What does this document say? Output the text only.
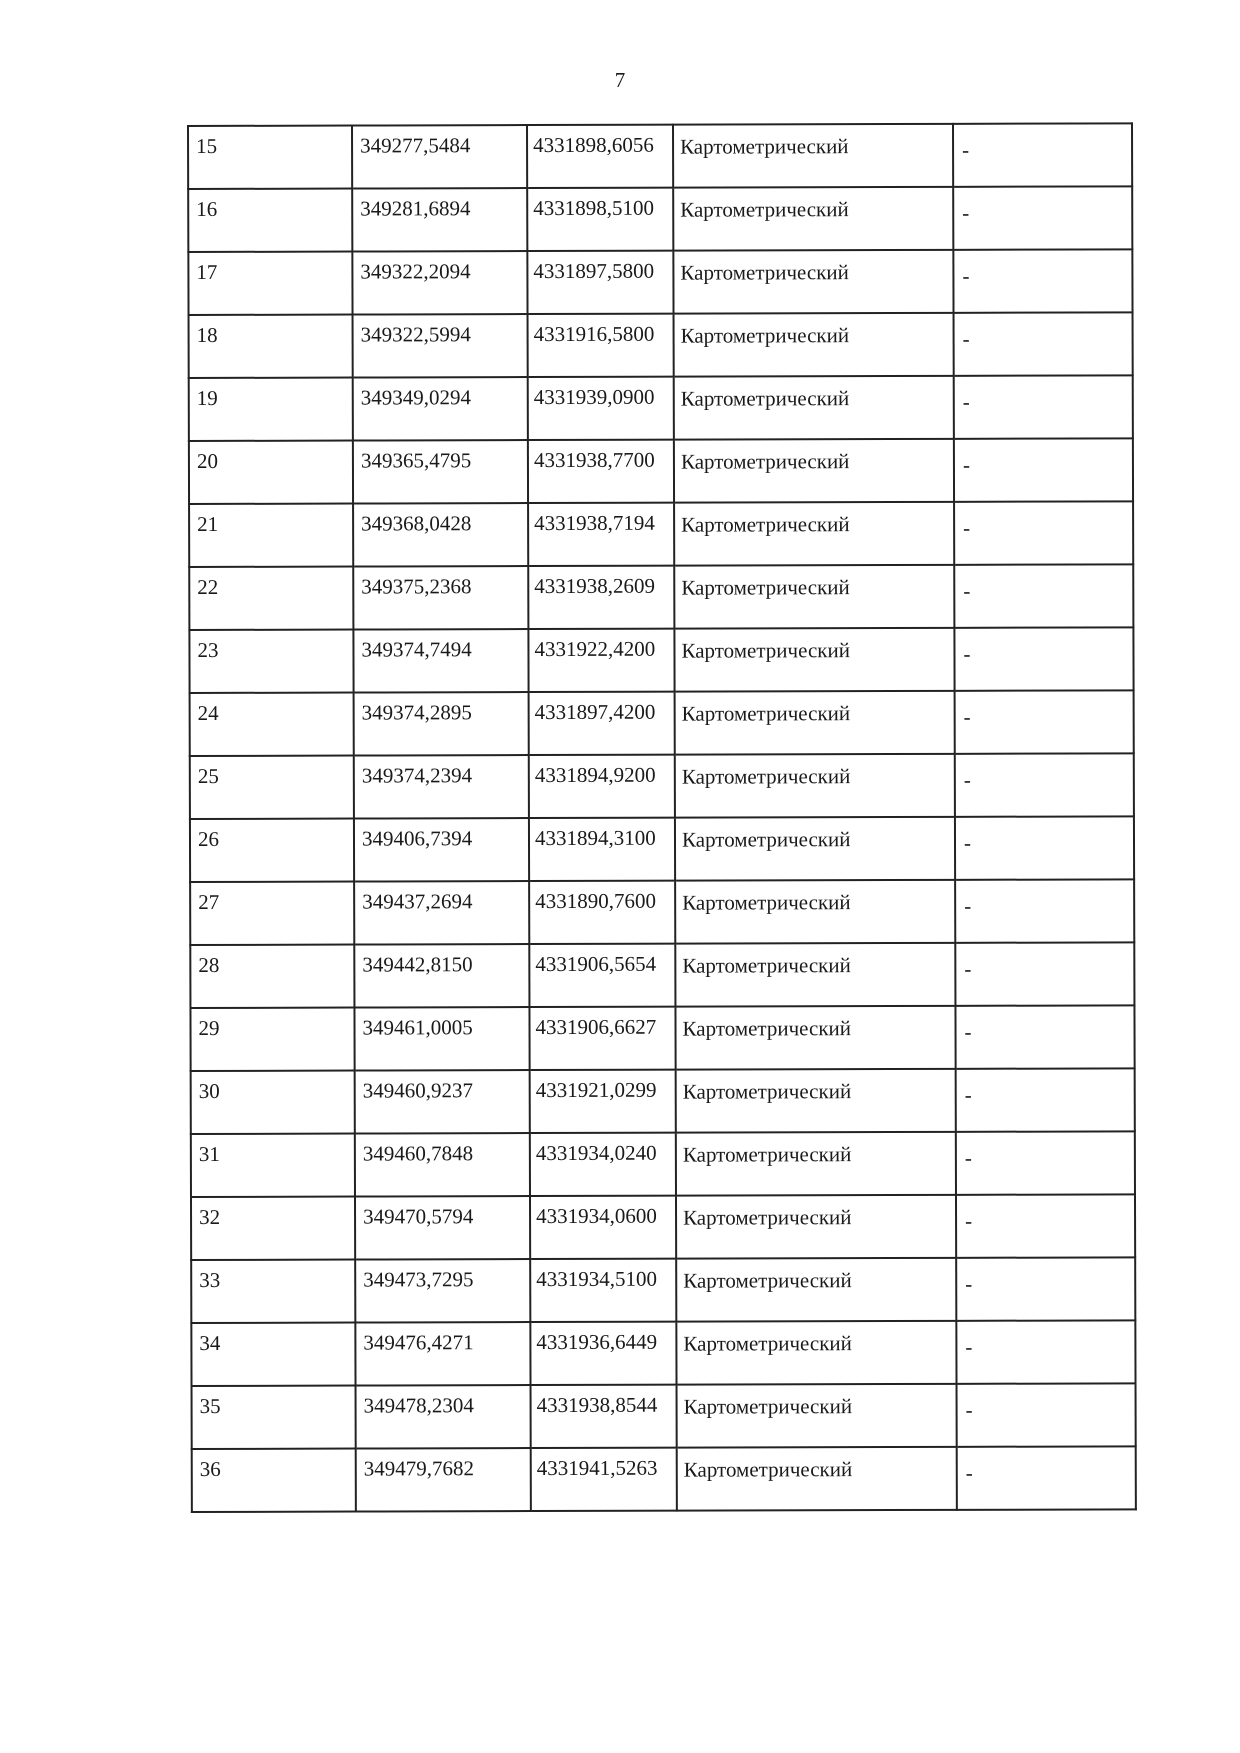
7
15	349277,5484	4331898,6056	Картометрический	-
16	349281,6894	4331898,5100	Картометрический	-
17	349322,2094	4331897,5800	Картометрический	-
18	349322,5994	4331916,5800	Картометрический	-
19	349349,0294	4331939,0900	Картометрический	-
20	349365,4795	4331938,7700	Картометрический	-
21	349368,0428	4331938,7194	Картометрический	-
22	349375,2368	4331938,2609	Картометрический	-
23	349374,7494	4331922,4200	Картометрический	-
24	349374,2895	4331897,4200	Картометрический	-
25	349374,2394	4331894,9200	Картометрический	-
26	349406,7394	4331894,3100	Картометрический	-
27	349437,2694	4331890,7600	Картометрический	-
28	349442,8150	4331906,5654	Картометрический	-
29	349461,0005	4331906,6627	Картометрический	-
30	349460,9237	4331921,0299	Картометрический	-
31	349460,7848	4331934,0240	Картометрический	-
32	349470,5794	4331934,0600	Картометрический	-
33	349473,7295	4331934,5100	Картометрический	-
34	349476,4271	4331936,6449	Картометрический	-
35	349478,2304	4331938,8544	Картометрический	-
36	349479,7682	4331941,5263	Картометрический	-
